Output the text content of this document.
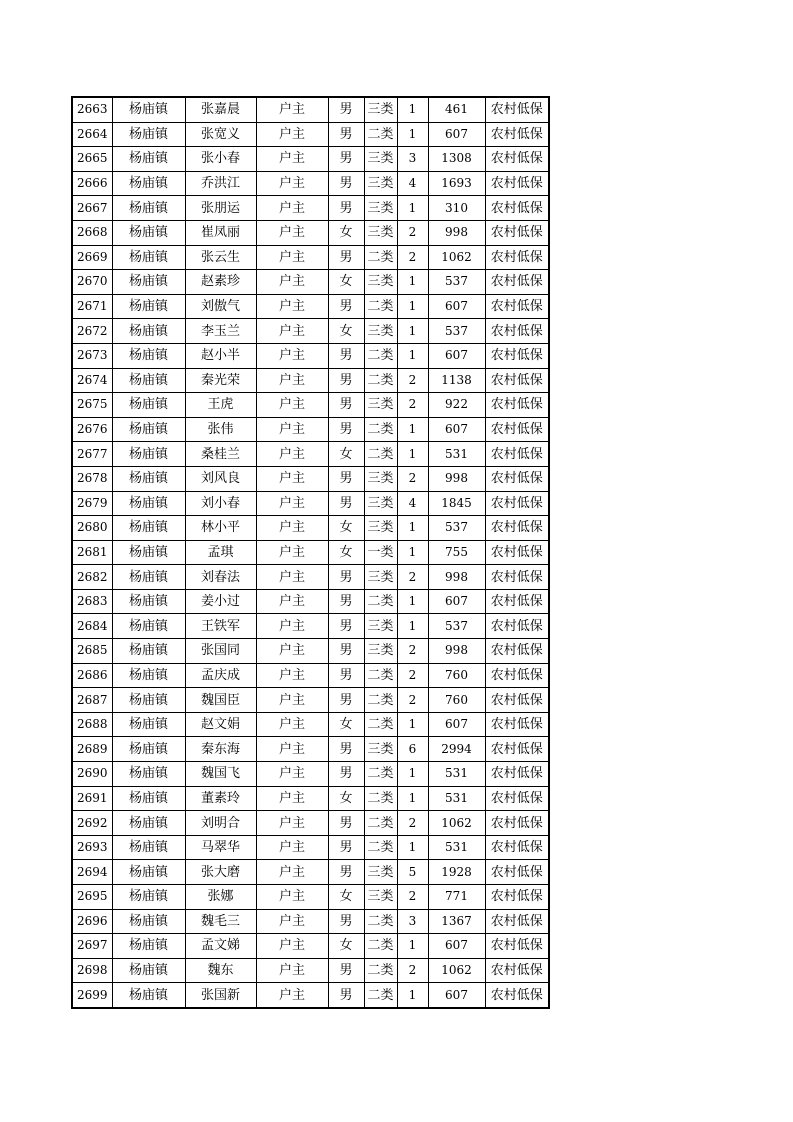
2663	杨庙镇	张嘉晨	户主	男	三类	1	461	农村低保
2664	杨庙镇	张宽义	户主	男	二类	1	607	农村低保
2665	杨庙镇	张小春	户主	男	三类	3	1308	农村低保
2666	杨庙镇	乔洪江	户主	男	三类	4	1693	农村低保
2667	杨庙镇	张朋运	户主	男	三类	1	310	农村低保
2668	杨庙镇	崔凤丽	户主	女	三类	2	998	农村低保
2669	杨庙镇	张云生	户主	男	二类	2	1062	农村低保
2670	杨庙镇	赵素珍	户主	女	三类	1	537	农村低保
2671	杨庙镇	刘傲气	户主	男	二类	1	607	农村低保
2672	杨庙镇	李玉兰	户主	女	三类	1	537	农村低保
2673	杨庙镇	赵小半	户主	男	二类	1	607	农村低保
2674	杨庙镇	秦光荣	户主	男	二类	2	1138	农村低保
2675	杨庙镇	王虎	户主	男	三类	2	922	农村低保
2676	杨庙镇	张伟	户主	男	二类	1	607	农村低保
2677	杨庙镇	桑桂兰	户主	女	二类	1	531	农村低保
2678	杨庙镇	刘风良	户主	男	三类	2	998	农村低保
2679	杨庙镇	刘小春	户主	男	三类	4	1845	农村低保
2680	杨庙镇	林小平	户主	女	三类	1	537	农村低保
2681	杨庙镇	孟琪	户主	女	一类	1	755	农村低保
2682	杨庙镇	刘春法	户主	男	三类	2	998	农村低保
2683	杨庙镇	姜小过	户主	男	二类	1	607	农村低保
2684	杨庙镇	王铁军	户主	男	三类	1	537	农村低保
2685	杨庙镇	张国同	户主	男	三类	2	998	农村低保
2686	杨庙镇	孟庆成	户主	男	二类	2	760	农村低保
2687	杨庙镇	魏国臣	户主	男	二类	2	760	农村低保
2688	杨庙镇	赵文娟	户主	女	二类	1	607	农村低保
2689	杨庙镇	秦东海	户主	男	三类	6	2994	农村低保
2690	杨庙镇	魏国飞	户主	男	二类	1	531	农村低保
2691	杨庙镇	董素玲	户主	女	二类	1	531	农村低保
2692	杨庙镇	刘明合	户主	男	二类	2	1062	农村低保
2693	杨庙镇	马翠华	户主	男	二类	1	531	农村低保
2694	杨庙镇	张大磨	户主	男	三类	5	1928	农村低保
2695	杨庙镇	张娜	户主	女	三类	2	771	农村低保
2696	杨庙镇	魏毛三	户主	男	二类	3	1367	农村低保
2697	杨庙镇	孟文娣	户主	女	二类	1	607	农村低保
2698	杨庙镇	魏东	户主	男	二类	2	1062	农村低保
2699	杨庙镇	张国新	户主	男	二类	1	607	农村低保
